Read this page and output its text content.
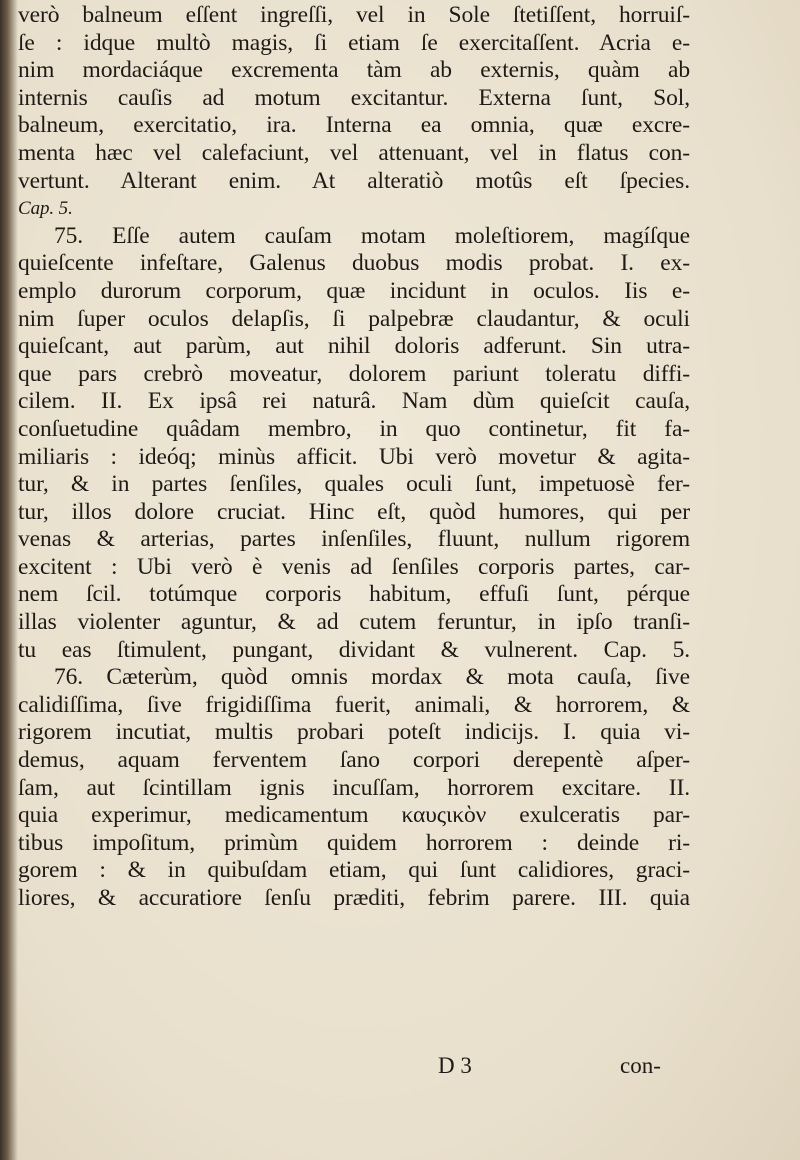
verò balneum eſſent ingreſſi, vel in Sole ſtetiſſent, horruiſ-
ſe : idque multò magis, ſi etiam ſe exercitaſſent. Acria e-
nim mordaciáque excrementa tàm ab externis, quàm ab
internis cauſis ad motum excitantur. Externa ſunt, Sol,
balneum, exercitatio, ira. Interna ea omnia, quæ excre-
menta hæc vel calefaciunt, vel attenuant, vel in flatus con-
vertunt. Alterant enim. At alteratiò motûs eſt ſpecies.
Cap. 5.
75. Eſſe autem cauſam motam moleſtiorem, magíſque
quieſcente infeſtare, Galenus duobus modis probat. I. ex-
emplo durorum corporum, quæ incidunt in oculos. Iis e-
nim ſuper oculos delapſis, ſi palpebræ claudantur, & oculi
quieſcant, aut parùm, aut nihil doloris adferunt. Sin utra-
que pars crebrò moveatur, dolorem pariunt toleratu diffi-
cilem. II. Ex ipsâ rei naturâ. Nam dùm quieſcit cauſa,
conſuetudine quâdam membro, in quo continetur, fit fa-
miliaris : ideóq; minùs afficit. Ubi verò movetur & agita-
tur, & in partes ſenſiles, quales oculi ſunt, impetuosè fer-
tur, illos dolore cruciat. Hinc eſt, quòd humores, qui per
venas & arterias, partes inſenſiles, fluunt, nullum rigorem
excitent : Ubi verò è venis ad ſenſiles corporis partes, car-
nem ſcil. totúmque corporis habitum, effuſi ſunt, pérque
illas violenter aguntur, & ad cutem feruntur, in ipſo tranſi-
tu eas ſtimulent, pungant, dividant & vulnerent. Cap. 5.
76. Cæterùm, quòd omnis mordax & mota cauſa, ſive
calidiſſima, ſive frigidiſſima fuerit, animali, & horrorem, &
rigorem incutiat, multis probari poteſt indicijs. I. quia vi-
demus, aquam ferventem ſano corpori derepentè aſper-
ſam, aut ſcintillam ignis incuſſam, horrorem excitare. II.
quia experimur, medicamentum καυςικὸν exulceratis par-
tibus impoſitum, primùm quidem horrorem : deinde ri-
gorem : & in quibuſdam etiam, qui ſunt calidiores, graci-
liores, & accuratiore ſenſu præditi, febrim parere. III. quia
D 3	con-
